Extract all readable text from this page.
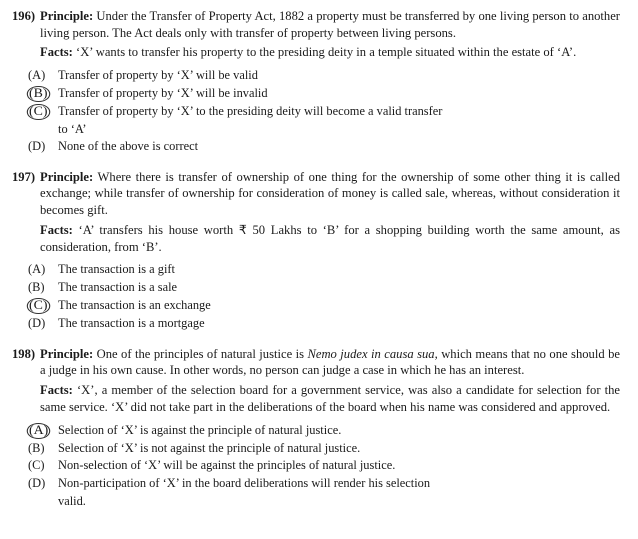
196) Principle: Under the Transfer of Property Act, 1882 a property must be transferred by one living person to another living person. The Act deals only with transfer of property between living persons.

Facts: ‘X’ wants to transfer his property to the presiding deity in a temple situated within the estate of ‘A’.

(A)	Transfer of property by ‘X’ will be valid
(B) Transfer of property by ‘X’ will be invalid
(C) Transfer of property by ‘X’ to the presiding deity will become a valid transfer
to ‘A’
(D)	None of the above is correct
197) Principle: Where there is transfer of ownership of one thing for the ownership of some other thing it is called exchange; while transfer of ownership for consideration of money is called sale, whereas, without consideration it becomes gift.

Facts: ‘A’ transfers his house worth ₹ 50 Lakhs to ‘B’ for a shopping building worth the same amount, as consideration, from ‘B’.

(A)	The transaction is a gift
(B)	The transaction is a sale
(C) The transaction is an exchange
(D)	The transaction is a mortgage
198) Principle: One of the principles of natural justice is Nemo judex in causa sua, which means that no one should be a judge in his own cause. In other words, no person can judge a case in which he has an interest.

Facts: ‘X’, a member of the selection board for a government service, was also a candidate for selection for the same service. ‘X’ did not take part in the deliberations of the board when his name was considered and approved.

(A) Selection of ‘X’ is against the principle of natural justice.
(B)	Selection of ‘X’ is not against the principle of natural justice.
(C)	Non-selection of ‘X’ will be against the principles of natural justice.
(D)	Non-participation of ‘X’ in the board deliberations will render his selection
valid.
